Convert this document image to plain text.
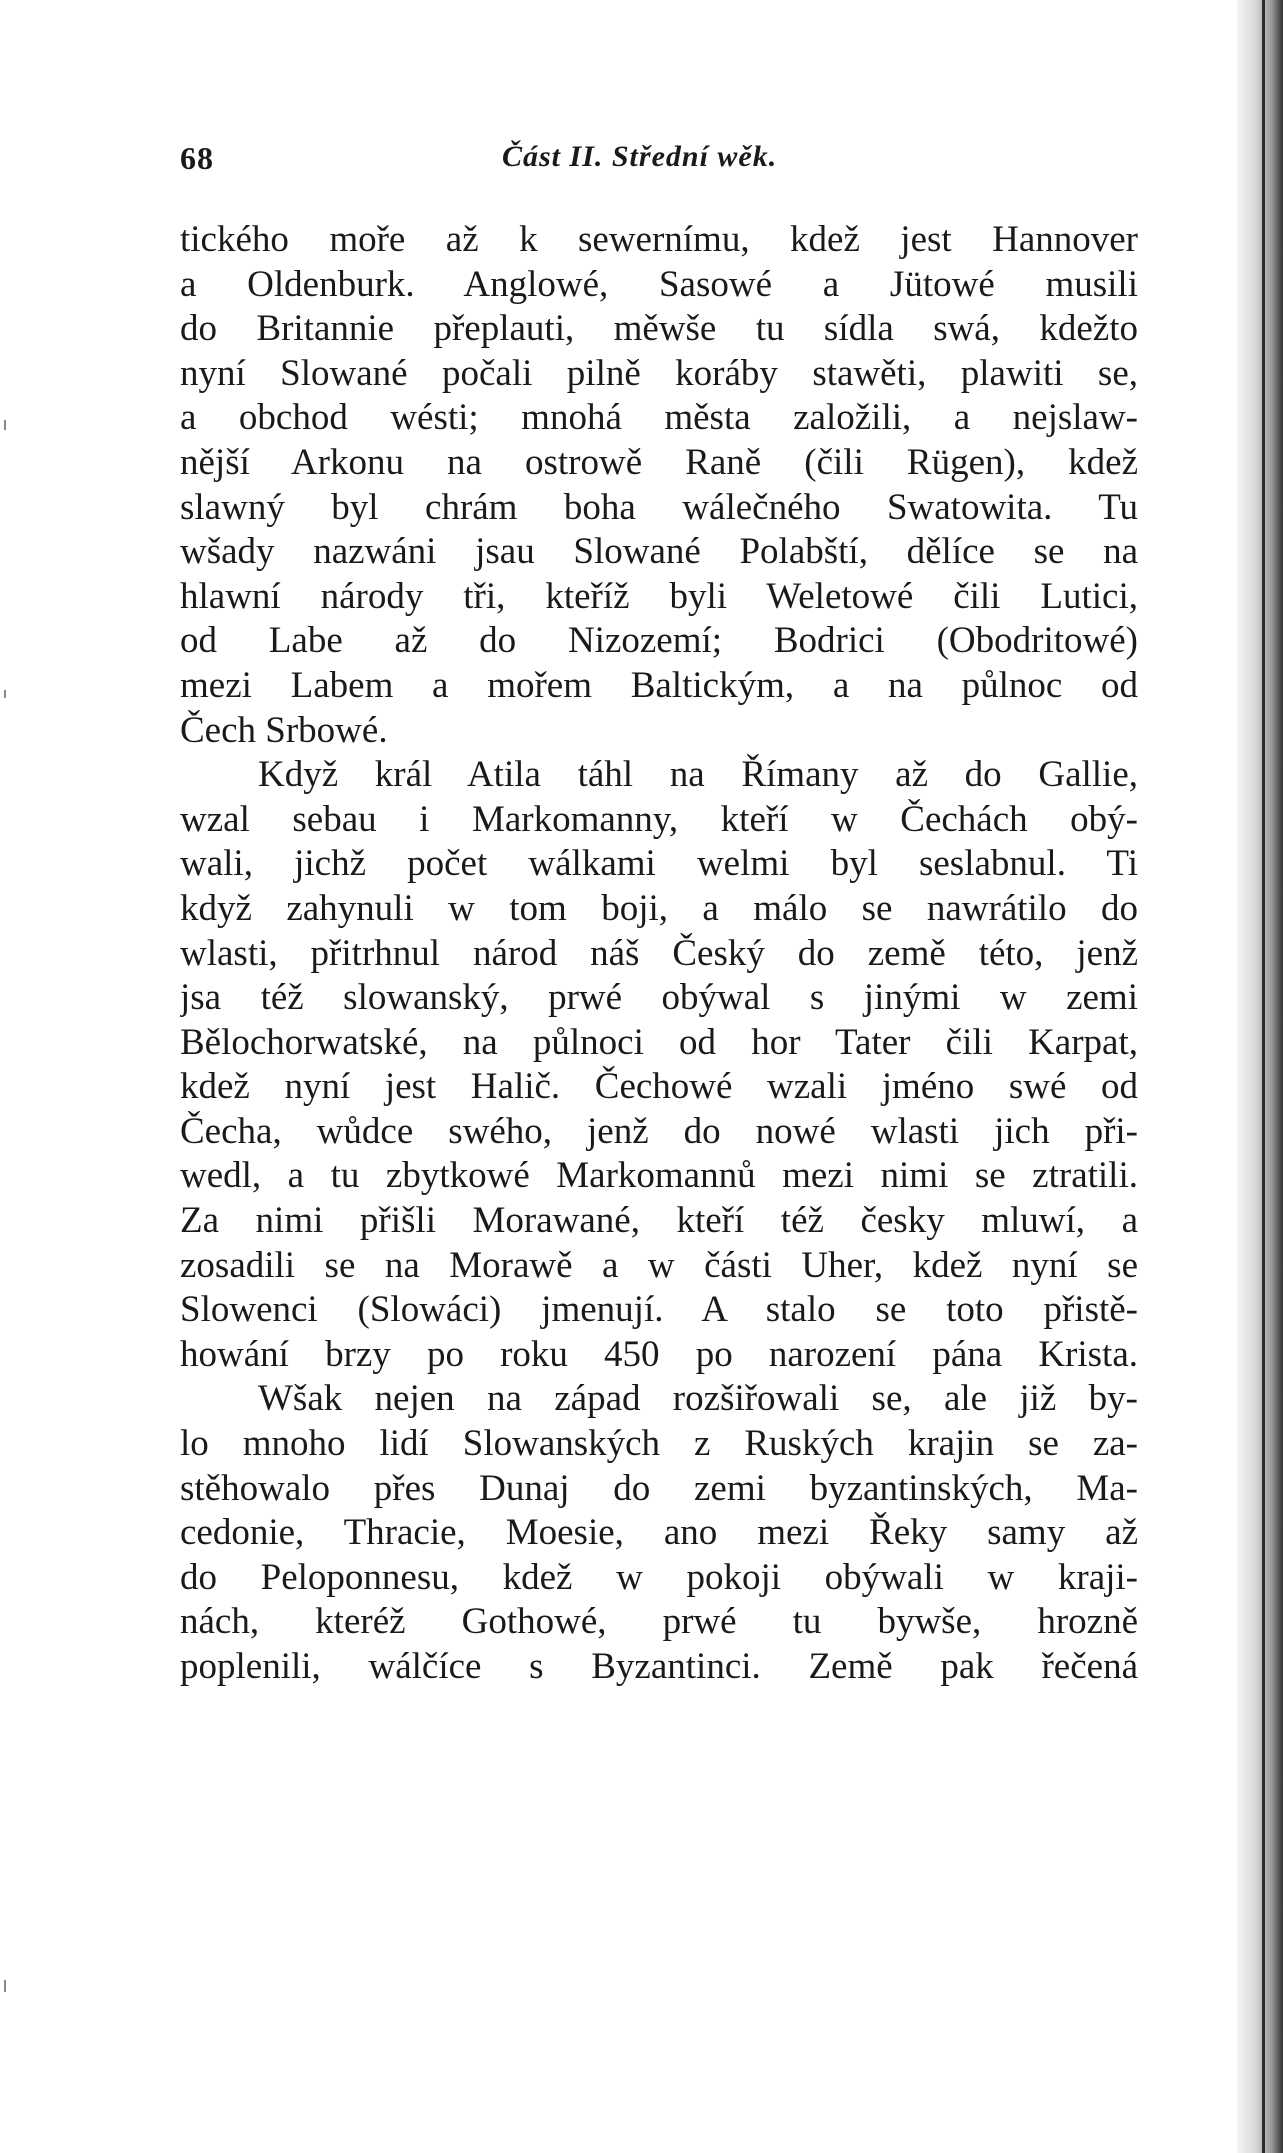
68	Část II. Střední wěk.
tického moře až k sewernímu, kdež jest Hannover
a Oldenburk. Anglowé, Sasowé a Jütowé musili
do Britannie přeplauti, měwše tu sídla swá, kdežto
nyní Slowané počali pilně koráby stawěti, plawiti se,
a obchod wésti; mnohá města založili, a nejslaw-
nější Arkonu na ostrowě Raně (čili Rügen), kdež
slawný byl chrám boha wálečného Swatowita. Tu
wšady nazwáni jsau Slowané Polabští, dělíce se na
hlawní národy tři, kteříž byli Weletowé čili Lutici,
od Labe až do Nizozemí; Bodrici (Obodritowé)
mezi Labem a mořem Baltickým, a na půlnoc od
Čech Srbowé.
Když král Atila táhl na Římany až do Gallie,
wzal sebau i Markomanny, kteří w Čechách obý-
wali, jichž počet wálkami welmi byl seslabnul. Ti
když zahynuli w tom boji, a málo se nawrátilo do
wlasti, přitrhnul národ náš Český do země této, jenž
jsa též slowanský, prwé obýwal s jinými w zemi
Bělochorwatské, na půlnoci od hor Tater čili Karpat,
kdež nyní jest Halič. Čechowé wzali jméno swé od
Čecha, wůdce swého, jenž do nowé wlasti jich při-
wedl, a tu zbytkowé Markomannů mezi nimi se ztratili.
Za nimi přišli Morawané, kteří též česky mluwí, a
zosadili se na Morawě a w části Uher, kdež nyní se
Slowenci (Slowáci) jmenují. A stalo se toto přistě-
howání brzy po roku 450 po narození pána Krista.
Wšak nejen na západ rozšiřowali se, ale již by-
lo mnoho lidí Slowanských z Ruských krajin se za-
stěhowalo přes Dunaj do zemi byzantinských, Ma-
cedonie, Thracie, Moesie, ano mezi Řeky samy až
do Peloponnesu, kdež w pokoji obýwali w kraji-
nách, kteréž Gothowé, prwé tu bywše, hrozně
poplenili, wálčíce s Byzantinci. Země pak řečená
